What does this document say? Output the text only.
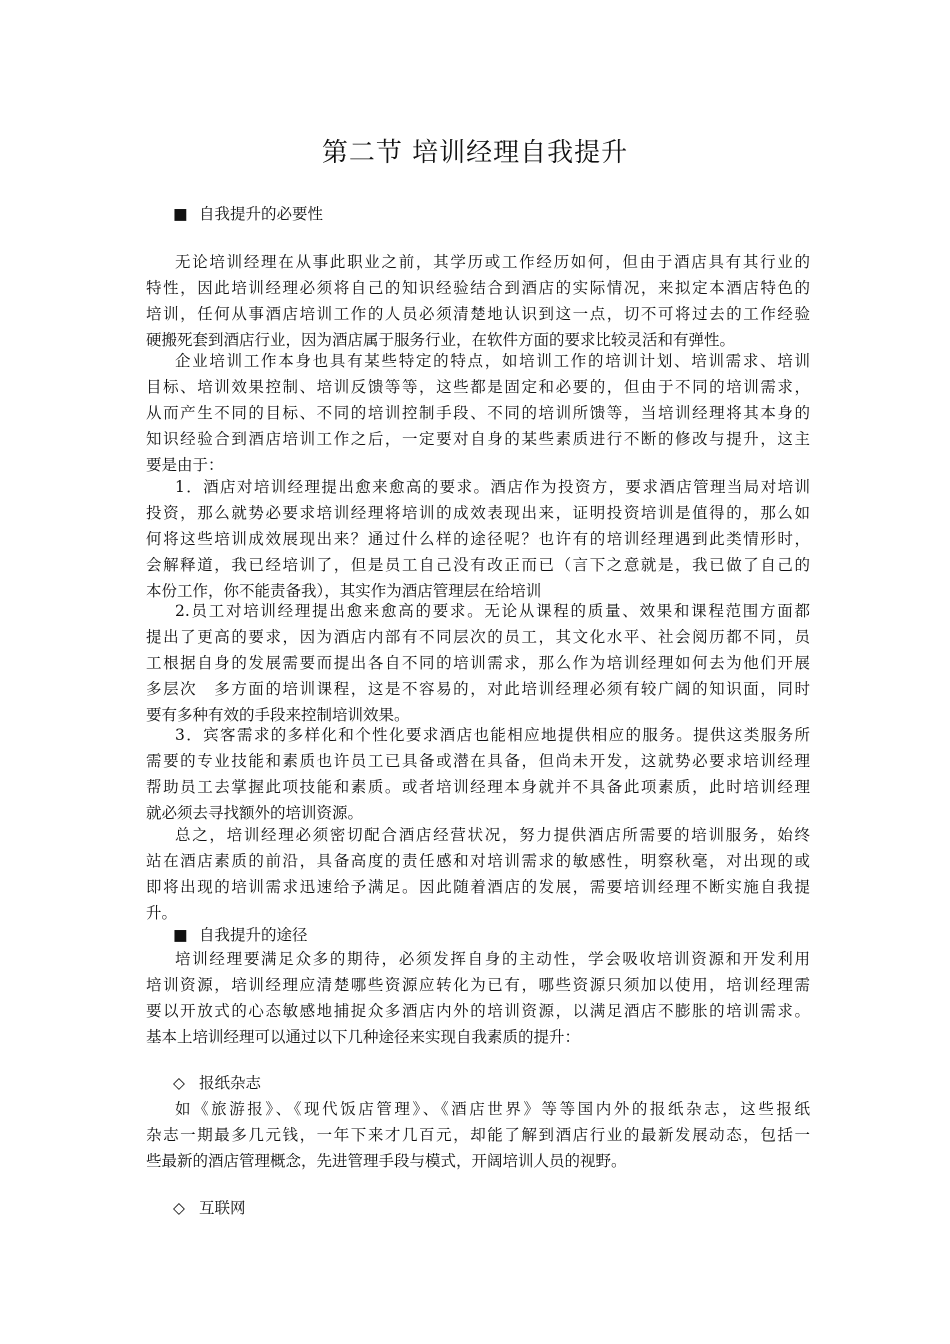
第二节 培训经理自我提升
■ 自我提升的必要性
无论培训经理在从事此职业之前，其学历或工作经历如何，但由于酒店具有其行业的
特性，因此培训经理必须将自己的知识经验结合到酒店的实际情况，来拟定本酒店特色的
培训，任何从事酒店培训工作的人员必须清楚地认识到这一点，切不可将过去的工作经验
硬搬死套到酒店行业，因为酒店属于服务行业，在软件方面的要求比较灵活和有弹性。
企业培训工作本身也具有某些特定的特点，如培训工作的培训计划、培训需求、培训
目标、培训效果控制、培训反馈等等，这些都是固定和必要的，但由于不同的培训需求，
从而产生不同的目标、不同的培训控制手段、不同的培训所馈等，当培训经理将其本身的
知识经验合到酒店培训工作之后，一定要对自身的某些素质进行不断的修改与提升，这主
要是由于：
1．酒店对培训经理提出愈来愈高的要求。酒店作为投资方，要求酒店管理当局对培训
投资，那么就势必要求培训经理将培训的成效表现出来，证明投资培训是值得的，那么如
何将这些培训成效展现出来？通过什么样的途径呢？也许有的培训经理遇到此类情形时，
会解释道，我已经培训了，但是员工自己没有改正而已（言下之意就是，我已做了自己的
本份工作，你不能责备我），其实作为酒店管理层在给培训
2.员工对培训经理提出愈来愈高的要求。无论从课程的质量、效果和课程范围方面都
提出了更高的要求，因为酒店内部有不同层次的员工，其文化水平、社会阅历都不同，员
工根据自身的发展需要而提出各自不同的培训需求，那么作为培训经理如何去为他们开展
多层次　多方面的培训课程，这是不容易的，对此培训经理必须有较广阔的知识面，同时
要有多种有效的手段来控制培训效果。
3．宾客需求的多样化和个性化要求酒店也能相应地提供相应的服务。提供这类服务所
需要的专业技能和素质也许员工已具备或潜在具备，但尚未开发，这就势必要求培训经理
帮助员工去掌握此项技能和素质。或者培训经理本身就并不具备此项素质，此时培训经理
就必须去寻找额外的培训资源。
总之，培训经理必须密切配合酒店经营状况，努力提供酒店所需要的培训服务，始终
站在酒店素质的前沿，具备高度的责任感和对培训需求的敏感性，明察秋毫，对出现的或
即将出现的培训需求迅速给予满足。因此随着酒店的发展，需要培训经理不断实施自我提
升。
■ 自我提升的途径
培训经理要满足众多的期待，必须发挥自身的主动性，学会吸收培训资源和开发利用
培训资源，培训经理应清楚哪些资源应转化为已有，哪些资源只须加以使用，培训经理需
要以开放式的心态敏感地捕捉众多酒店内外的培训资源，以满足酒店不膨胀的培训需求。
基本上培训经理可以通过以下几种途径来实现自我素质的提升：
◇ 报纸杂志
如《旅游报》、《现代饭店管理》、《酒店世界》等等国内外的报纸杂志，这些报纸
杂志一期最多几元钱，一年下来才几百元，却能了解到酒店行业的最新发展动态，包括一
些最新的酒店管理概念，先进管理手段与模式，开阔培训人员的视野。
◇ 互联网
